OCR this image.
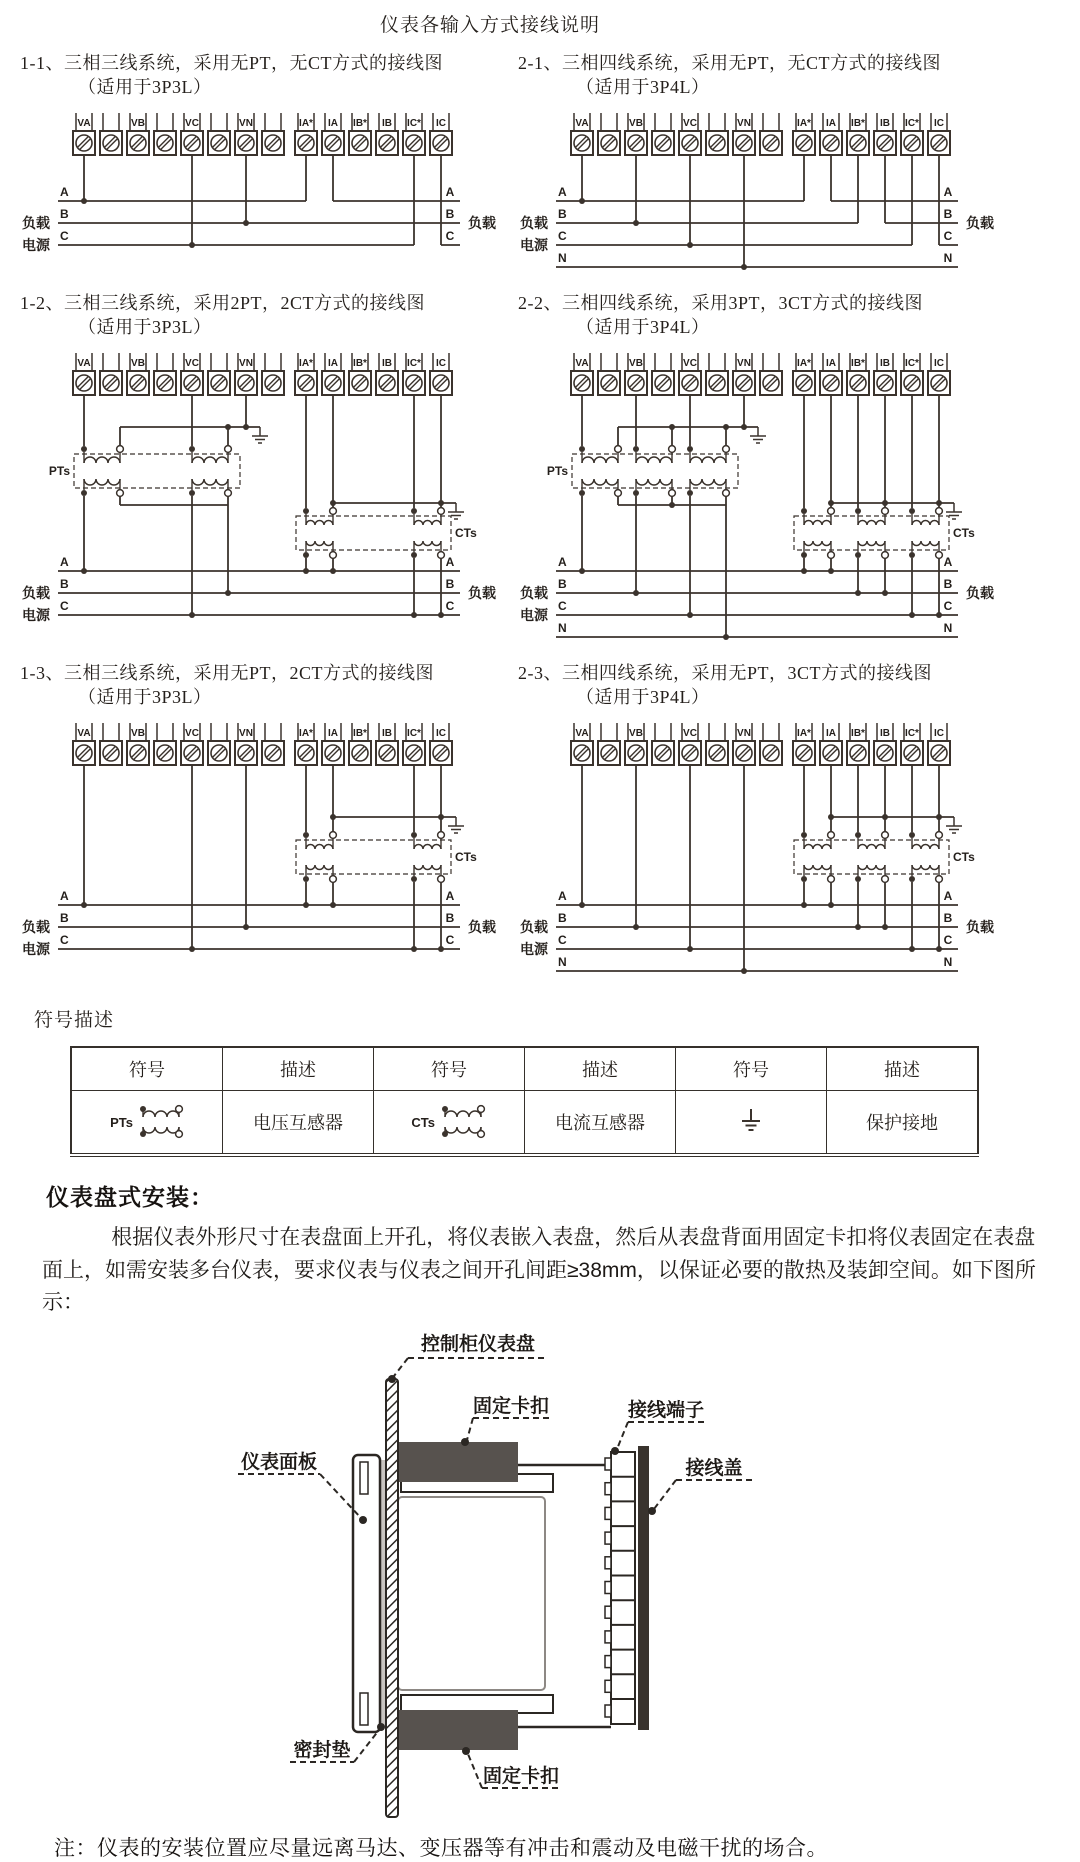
仪表各输入方式接线说明
1-1、三相三线系统，采用无PT，无CT方式的接线图
（适用于3P3L）
VA	VB	VC	VN	IA* IA IB* IB IC* IC
A	A
B	B
C	C
负载
电源
负载
2-1、三相四线系统，采用无PT，无CT方式的接线图
（适用于3P4L）
VA	VB	VC	VN	IA* IA IB* IB IC* IC
A	A
B	B
C	C
N	N
负载
电源
负载
1-2、三相三线系统，采用2PT，2CT方式的接线图
（适用于3P3L）
VA	VB	VC	VN	IA* IA IB* IB IC* IC
A	A
B	B
C	C
负载
电源
负载
PTs
CTs
2-2、三相四线系统，采用3PT，3CT方式的接线图
（适用于3P4L）
VA	VB	VC	VN	IA* IA IB* IB IC* IC
A	A
B	B
C	C
N	N
负载
电源
负载
PTs
CTs
1-3、三相三线系统，采用无PT，2CT方式的接线图
（适用于3P3L）
VA	VB	VC	VN	IA* IA IB* IB IC* IC
A	A
B	B
C	C
负载
电源
负载
CTs
2-3、三相四线系统，采用无PT，3CT方式的接线图
（适用于3P4L）
VA	VB	VC	VN	IA* IA IB* IB IC* IC
A	A
B	B
C	C
N	N
负载
电源
负载
CTs
符号描述
符号	描述	符号	描述	符号	描述

PTs	电压互感器	CTs	电流互感器		保护接地
仪表盘式安装：
根据仪表外形尺寸在表盘面上开孔，将仪表嵌入表盘，然后从表盘背面用固定卡扣将仪表固定在表盘面上，如需安装多台仪表，要求仪表与仪表之间开孔间距≥38mm，以保证必要的散热及装卸空间。如下图所示：
控制柜仪表盘
固定卡扣	接线端子
接线盖
仪表面板
密封垫
固定卡扣
注：仪表的安装位置应尽量远离马达、变压器等有冲击和震动及电磁干扰的场合。
